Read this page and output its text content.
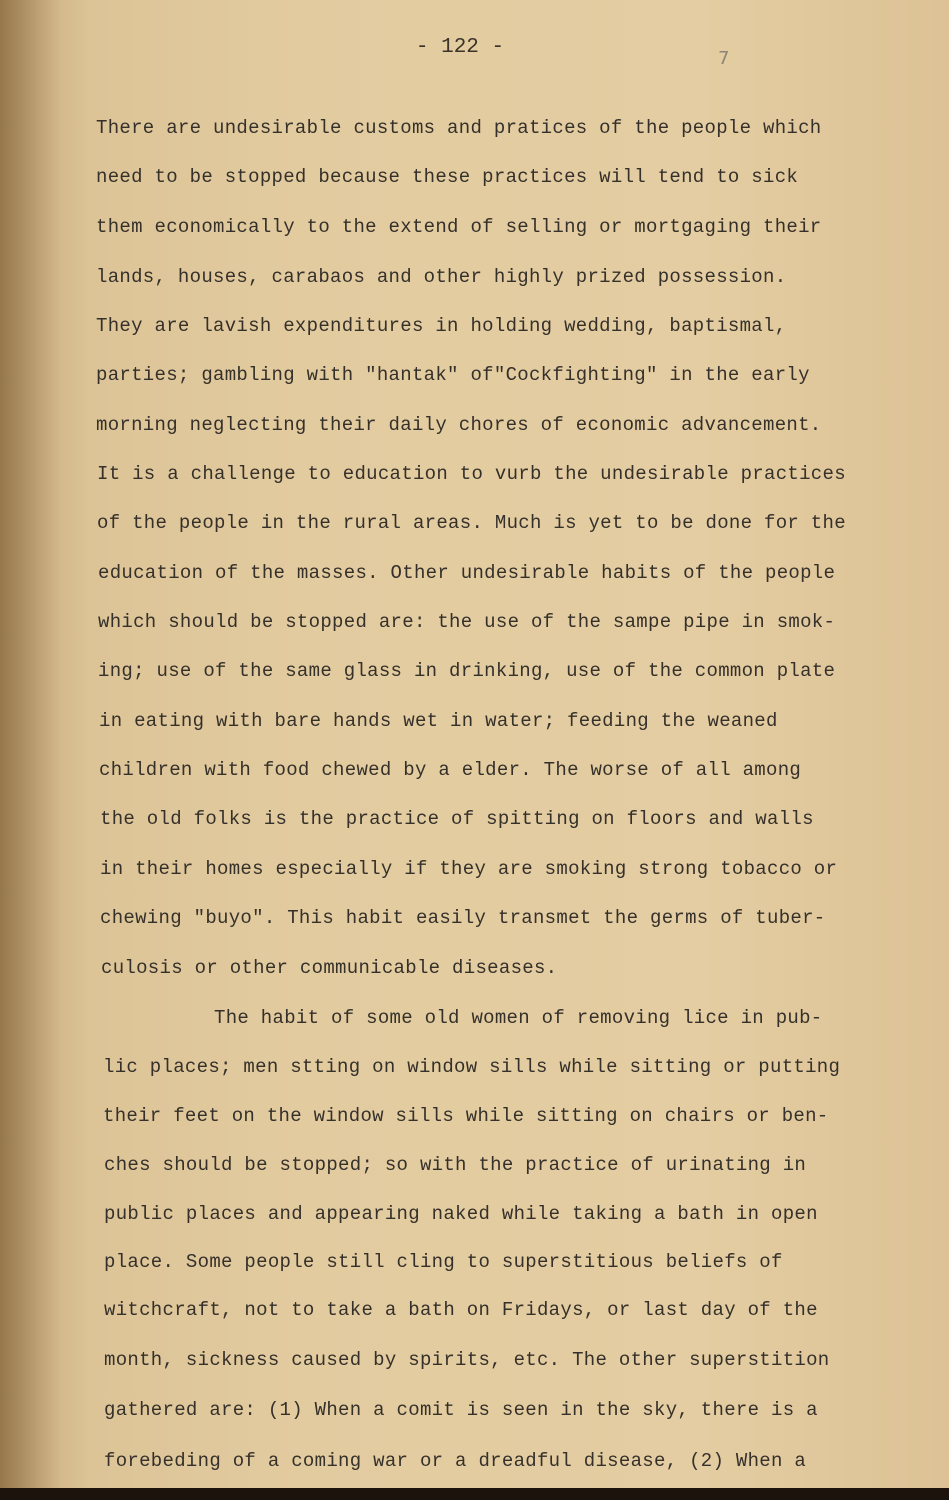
- 122 -	7
There are undesirable customs and pratices of the people which
need to be stopped because these practices will tend to sick
them economically to the extend of selling or mortgaging their
lands, houses, carabaos and other highly prized possession.
They are lavish expenditures in holding wedding, baptismal,
parties; gambling with "hantak" of"Cockfighting" in the early
morning neglecting their daily chores of economic advancement.
It is a challenge to education to vurb the undesirable practices
of the people in the rural areas. Much is yet to be done for the
education of the masses. Other undesirable habits of the people
which should be stopped are: the use of the sampe pipe in smok-
ing; use of the same glass in drinking, use of the common plate
in eating with bare hands wet in water; feeding the weaned
children with food chewed by a elder. The worse of all among
the old folks is the practice of spitting on floors and walls
in their homes especially if they are smoking strong tobacco or
chewing "buyo". This habit easily transmet the germs of tuber-
culosis or other communicable diseases.
The habit of some old women of removing lice in pub-
lic places; men stting on window sills while sitting or putting
their feet on the window sills while sitting on chairs or ben-
ches should be stopped; so with the practice of urinating in
public places and appearing naked while taking a bath in open
place. Some people still cling to superstitious beliefs of
witchcraft, not to take a bath on Fridays, or last day of the
month, sickness caused by spirits, etc. The other superstition
gathered are: (1) When a comit is seen in the sky, there is a
forebeding of a coming war or a dreadful disease, (2) When a
